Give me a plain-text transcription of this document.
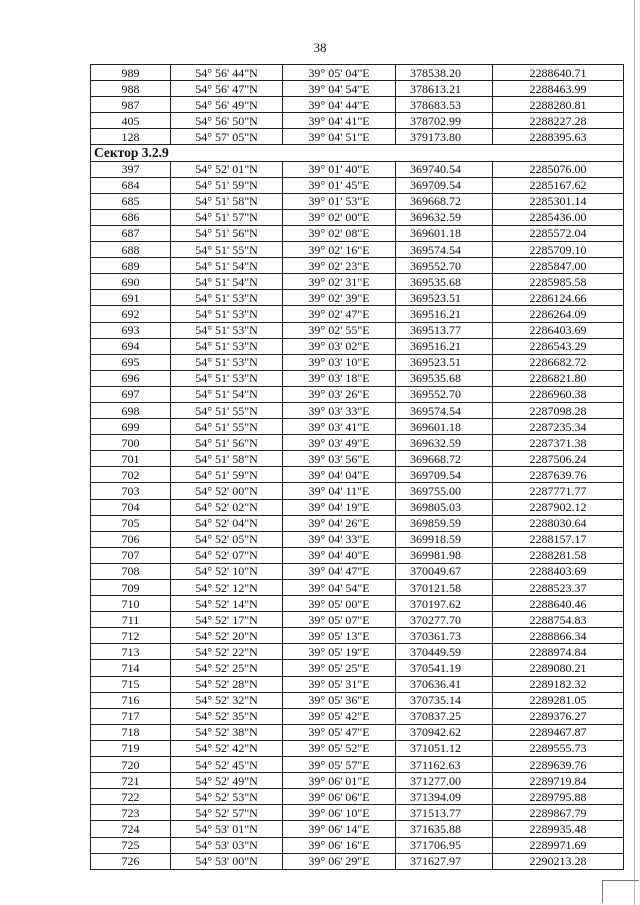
38
989	54° 56' 44"N	39° 05' 04"E	378538.20	2288640.71
988	54° 56' 47"N	39° 04' 54"E	378613.21	2288463.99
987	54° 56' 49"N	39° 04' 44"E	378683.53	2288280.81
405	54° 56' 50"N	39° 04' 41"E	378702.99	2288227.28
128	54° 57' 05"N	39° 04' 51"E	379173.80	2288395.63
Сектор 3.2.9				
397	54° 52' 01"N	39° 01' 40"E	369740.54	2285076.00
684	54° 51' 59"N	39° 01' 45"E	369709.54	2285167.62
685	54° 51' 58"N	39° 01' 53"E	369668.72	2285301.14
686	54° 51' 57"N	39° 02' 00"E	369632.59	2285436.00
687	54° 51' 56"N	39° 02' 08"E	369601.18	2285572.04
688	54° 51' 55"N	39° 02' 16"E	369574.54	2285709.10
689	54° 51' 54"N	39° 02' 23"E	369552.70	2285847.00
690	54° 51' 54"N	39° 02' 31"E	369535.68	2285985.58
691	54° 51' 53"N	39° 02' 39"E	369523.51	2286124.66
692	54° 51' 53"N	39° 02' 47"E	369516.21	2286264.09
693	54° 51' 53"N	39° 02' 55"E	369513.77	2286403.69
694	54° 51' 53"N	39° 03' 02"E	369516.21	2286543.29
695	54° 51' 53"N	39° 03' 10"E	369523.51	2286682.72
696	54° 51' 53"N	39° 03' 18"E	369535.68	2286821.80
697	54° 51' 54"N	39° 03' 26"E	369552.70	2286960.38
698	54° 51' 55"N	39° 03' 33"E	369574.54	2287098.28
699	54° 51' 55"N	39° 03' 41"E	369601.18	2287235.34
700	54° 51' 56"N	39° 03' 49"E	369632.59	2287371.38
701	54° 51' 58"N	39° 03' 56"E	369668.72	2287506.24
702	54° 51' 59"N	39° 04' 04"E	369709.54	2287639.76
703	54° 52' 00"N	39° 04' 11"E	369755.00	2287771.77
704	54° 52' 02"N	39° 04' 19"E	369805.03	2287902.12
705	54° 52' 04"N	39° 04' 26"E	369859.59	2288030.64
706	54° 52' 05"N	39° 04' 33"E	369918.59	2288157.17
707	54° 52' 07"N	39° 04' 40"E	369981.98	2288281.58
708	54° 52' 10"N	39° 04' 47"E	370049.67	2288403.69
709	54° 52' 12"N	39° 04' 54"E	370121.58	2288523.37
710	54° 52' 14"N	39° 05' 00"E	370197.62	2288640.46
711	54° 52' 17"N	39° 05' 07"E	370277.70	2288754.83
712	54° 52' 20"N	39° 05' 13"E	370361.73	2288866.34
713	54° 52' 22"N	39° 05' 19"E	370449.59	2288974.84
714	54° 52' 25"N	39° 05' 25"E	370541.19	2289080.21
715	54° 52' 28"N	39° 05' 31"E	370636.41	2289182.32
716	54° 52' 32"N	39° 05' 36"E	370735.14	2289281.05
717	54° 52' 35"N	39° 05' 42"E	370837.25	2289376.27
718	54° 52' 38"N	39° 05' 47"E	370942.62	2289467.87
719	54° 52' 42"N	39° 05' 52"E	371051.12	2289555.73
720	54° 52' 45"N	39° 05' 57"E	371162.63	2289639.76
721	54° 52' 49"N	39° 06' 01"E	371277.00	2289719.84
722	54° 52' 53"N	39° 06' 06"E	371394.09	2289795.88
723	54° 52' 57"N	39° 06' 10"E	371513.77	2289867.79
724	54° 53' 01"N	39° 06' 14"E	371635.88	2289935.48
725	54° 53' 03"N	39° 06' 16"E	371706.95	2289971.69
726	54° 53' 00"N	39° 06' 29"E	371627.97	2290213.28
